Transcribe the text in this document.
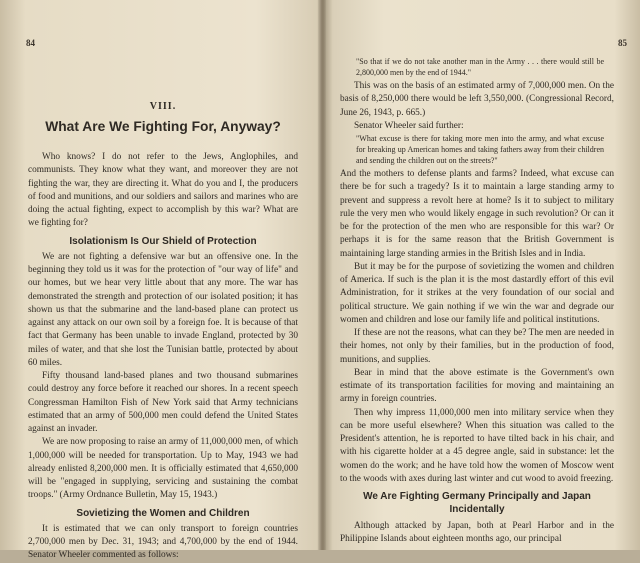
84
VIII.
What Are We Fighting For, Anyway?

Who knows? I do not refer to the Jews, Anglophiles, and communists. They know what they want, and moreover they are not fighting the war, they are directing it. What do you and I, the producers of food and munitions, and our soldiers and sailors and marines who are doing the actual fighting, expect to accomplish by this war? What are we fighting for?

Isolationism Is Our Shield of Protection

We are not fighting a defensive war but an offensive one. In the beginning they told us it was for the protection of "our way of life" and our homes, but we hear very little about that any more. The war has demonstrated the strength and protection of our isolated position; it has shown us that the submarine and the land-based plane can protect us against any attack on our own soil by a foreign foe. It is because of that fact that Germany has been unable to invade England, protected by 30 miles of water, and that she lost the Tunisian battle, protected by about 60 miles.

Fifty thousand land-based planes and two thousand submarines could destroy any force before it reached our shores. In a recent speech Congressman Hamilton Fish of New York said that Army technicians estimated that an army of 500,000 men could defend the United States against an invader.

We are now proposing to raise an army of 11,000,000 men, of which 1,000,000 will be needed for transportation. Up to May, 1943 we had already enlisted 8,200,000 men. It is officially estimated that 4,650,000 will be "engaged in supplying, servicing and sustaining the combat troops." (Army Ordnance Bulletin, May 15, 1943.)

Sovietizing the Women and Children

It is estimated that we can only transport to foreign countries 2,700,000 men by Dec. 31, 1943; and 4,700,000 by the end of 1944. Senator Wheeler commented as follows:

85

"So that if we do not take another man in the Army . . . there would still be 2,800,000 men by the end of 1944."

This was on the basis of an estimated army of 7,000,000 men. On the basis of 8,250,000 there would be left 3,550,000. (Congressional Record, June 26, 1943, p. 665.)

Senator Wheeler said further:

"What excuse is there for taking more men into the army, and what excuse for breaking up American homes and taking fathers away from their children and sending the children out on the streets?"

And the mothers to defense plants and farms? Indeed, what excuse can there be for such a tragedy? Is it to maintain a large standing army to prevent and suppress a revolt here at home? Is it to subject to military rule the very men who would likely engage in such revolution? Or can it be for the protection of the men who are responsible for this war? Or perhaps it is for the same reason that the British Government is maintaining large standing armies in the British Isles and in India.

But it may be for the purpose of sovietizing the women and children of America. If such is the plan it is the most dastardly effort of this evil Administration, for it strikes at the very foundation of our social and political structure. We gain nothing if we win the war and degrade our women and children and lose our family life and political institutions.

If these are not the reasons, what can they be? The men are needed in their homes, not only by their families, but in the production of food, munitions, and supplies.

Bear in mind that the above estimate is the Government's own estimate of its transportation facilities for moving and maintaining an army in foreign countries.

Then why impress 11,000,000 men into military service when they can be more useful elsewhere? When this situation was called to the President's attention, he is reported to have tilted back in his chair, and with his cigarette holder at a 45 degree angle, said in substance: let the women do the work; and he have told how the women of Moscow went to the woods with axes during last winter and cut wood to avoid freezing.

We Are Fighting Germany Principally and Japan Incidentally

Although attacked by Japan, both at Pearl Harbor and in the Philippine Islands about eighteen months ago, our principal
